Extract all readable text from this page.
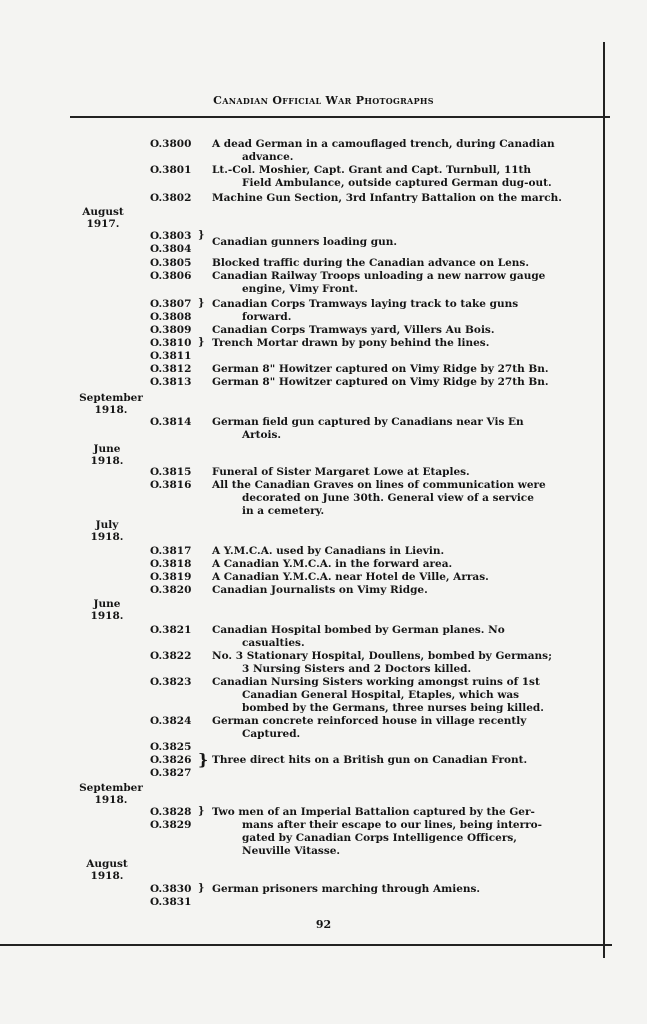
Canadian Official War Photographs
August
1917.
September
1918.
June
1918.
July
1918.
June
1918.
September
1918.
August
1918.
O.3800 A dead German in a camouflaged trench, during Canadian
advance.
O.3801 Lt.-Col. Moshier, Capt. Grant and Capt. Turnbull, 11th
Field Ambulance, outside captured German dug-out.
O.3802 Machine Gun Section, 3rd Infantry Battalion on the march.
O.3803
O.3804
}
Canadian gunners loading gun.
O.3805 Blocked traffic during the Canadian advance on Lens.
O.3806 Canadian Railway Troops unloading a new narrow gauge
engine, Vimy Front.
O.3807
O.3808
} Canadian Corps Tramways laying track to take guns
forward.
O.3809 Canadian Corps Tramways yard, Villers Au Bois.
O.3810
O.3811
} Trench Mortar drawn by pony behind the lines.
O.3812 German 8" Howitzer captured on Vimy Ridge by 27th Bn.
O.3813 German 8" Howitzer captured on Vimy Ridge by 27th Bn.
O.3814 German field gun captured by Canadians near Vis En
Artois.
O.3815 Funeral of Sister Margaret Lowe at Etaples.
O.3816 All the Canadian Graves on lines of communication were
decorated on June 30th. General view of a service
in a cemetery.
O.3817 A Y.M.C.A. used by Canadians in Lievin.
O.3818 A Canadian Y.M.C.A. in the forward area.
O.3819 A Canadian Y.M.C.A. near Hotel de Ville, Arras.
O.3820 Canadian Journalists on Vimy Ridge.
O.3821 Canadian Hospital bombed by German planes. No
casualties.
O.3822 No. 3 Stationary Hospital, Doullens, bombed by Germans;
3 Nursing Sisters and 2 Doctors killed.
O.3823 Canadian Nursing Sisters working amongst ruins of 1st
Canadian General Hospital, Etaples, which was
bombed by the Germans, three nurses being killed.
O.3824 German concrete reinforced house in village recently
Captured.
O.3825
O.3826
O.3827
} Three direct hits on a British gun on Canadian Front.
O.3828
O.3829
} Two men of an Imperial Battalion captured by the Ger-
mans after their escape to our lines, being interro-
gated by Canadian Corps Intelligence Officers,
Neuville Vitasse.
O.3830
O.3831
} German prisoners marching through Amiens.
92
